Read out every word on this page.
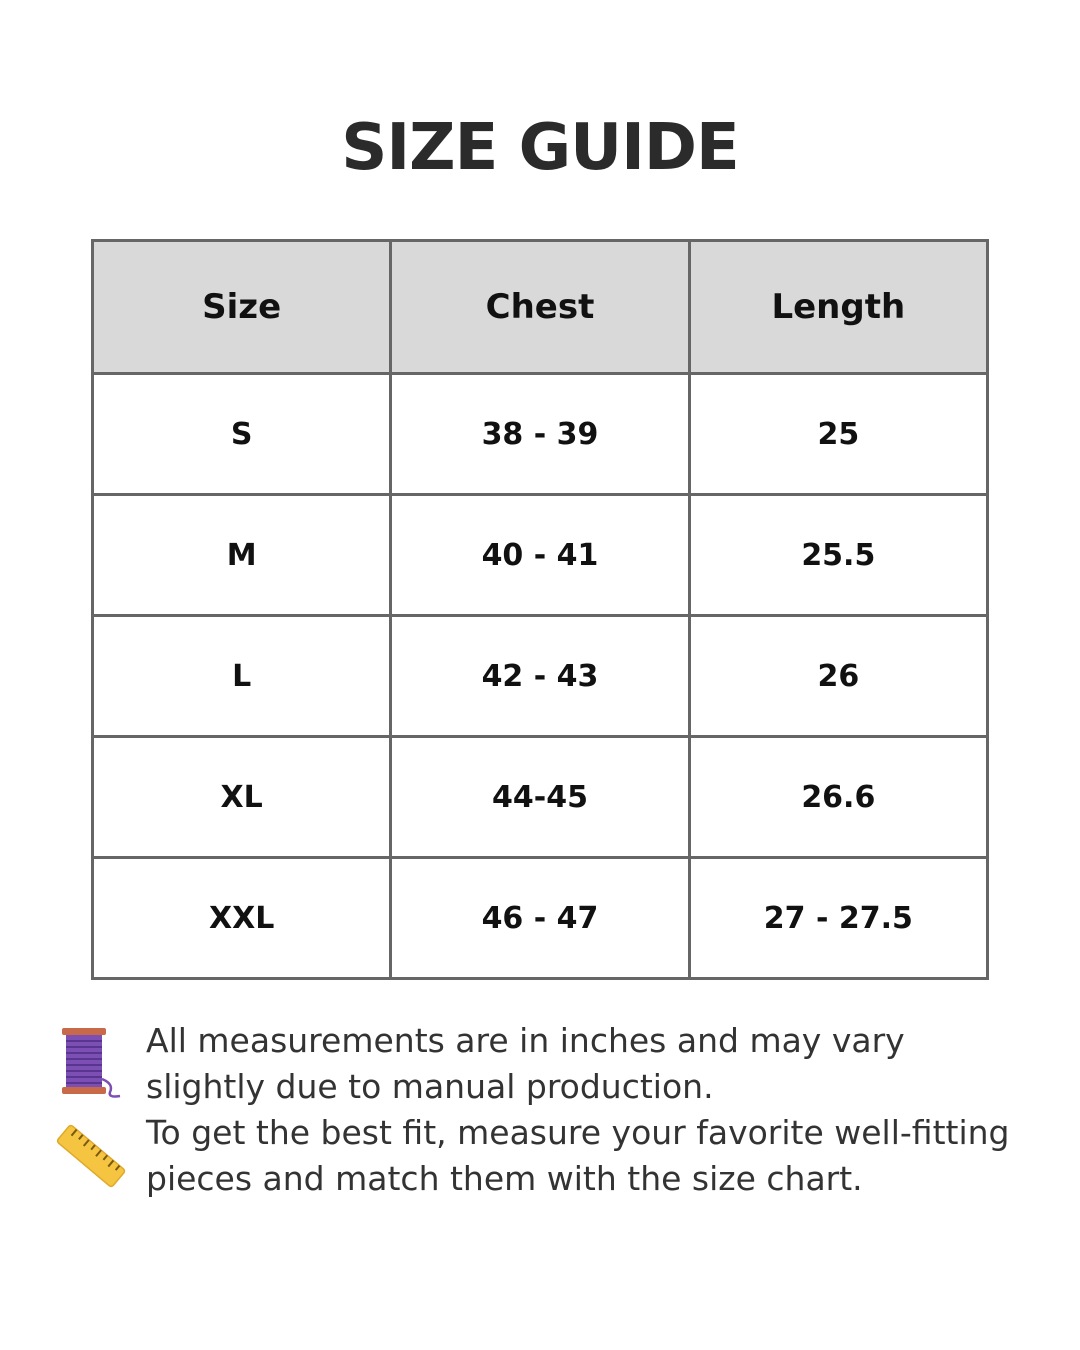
SIZE GUIDE
Size	Chest	Length
S	38 - 39	25
M	40 - 41	25.5
L	42 - 43	26
XL	44-45	26.6
XXL	46 - 47	27 - 27.5
All measurements are in inches and may vary slightly due to manual production.
To get the best fit, measure your favorite well-fitting pieces and match them with the size chart.
